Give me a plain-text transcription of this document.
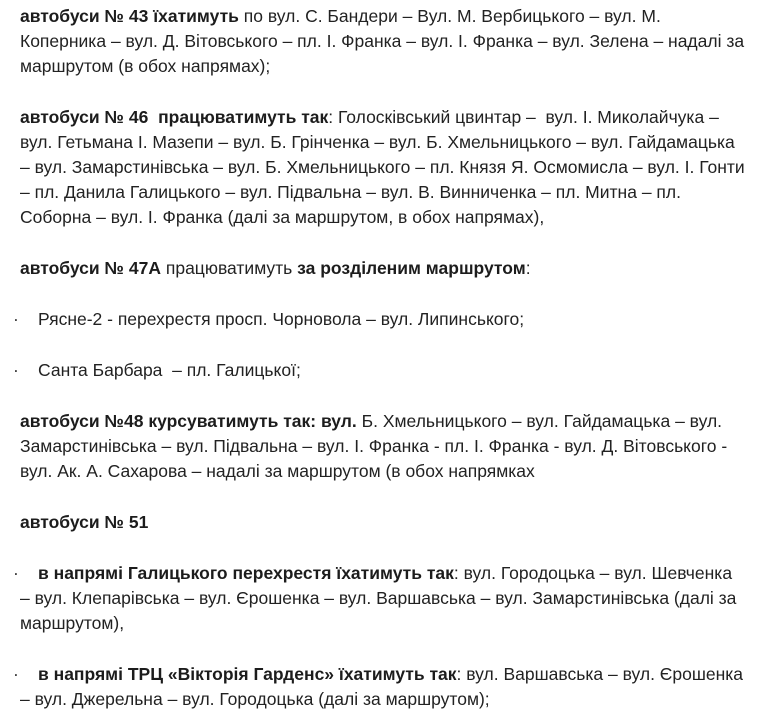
автобуси № 43 їхатимуть по вул. С. Бандери – Вул. М. Вербицького – вул. М. Коперника – вул. Д. Вітовського – пл. І. Франка – вул. І. Франка – вул. Зелена – надалі за маршрутом (в обох напрямах);

автобуси № 46  працюватимуть так: Голосківський цвинтар –  вул. І. Миколайчука – вул. Гетьмана І. Мазепи – вул. Б. Грінченка – вул. Б. Хмельницького – вул. Гайдамацька – вул. Замарстинівська – вул. Б. Хмельницького – пл. Князя Я. Осмомисла – вул. І. Гонти – пл. Данила Галицького – вул. Підвальна – вул. В. Винниченка – пл. Митна – пл. Соборна – вул. І. Франка (далі за маршрутом, в обох напрямах),

автобуси № 47А працюватимуть за розділеним маршрутом:

· Рясне-2 - перехрестя просп. Чорновола – вул. Липинського;

· Санта Барбара  – пл. Галицької;

автобуси №48 курсуватимуть так: вул. Б. Хмельницького – вул. Гайдамацька – вул. Замарстинівська – вул. Підвальна – вул. І. Франка - пл. І. Франка - вул. Д. Вітовського - вул. Ак. А. Сахарова – надалі за маршрутом (в обох напрямках

автобуси № 51

· в напрямі Галицького перехрестя їхатимуть так: вул. Городоцька – вул. Шевченка – вул. Клепарівська – вул. Єрошенка – вул. Варшавська – вул. Замарстинівська (далі за маршрутом),

· в напрямі ТРЦ «Вікторія Гарденс» їхатимуть так: вул. Варшавська – вул. Єрошенка – вул. Джерельна – вул. Городоцька (далі за маршрутом);
